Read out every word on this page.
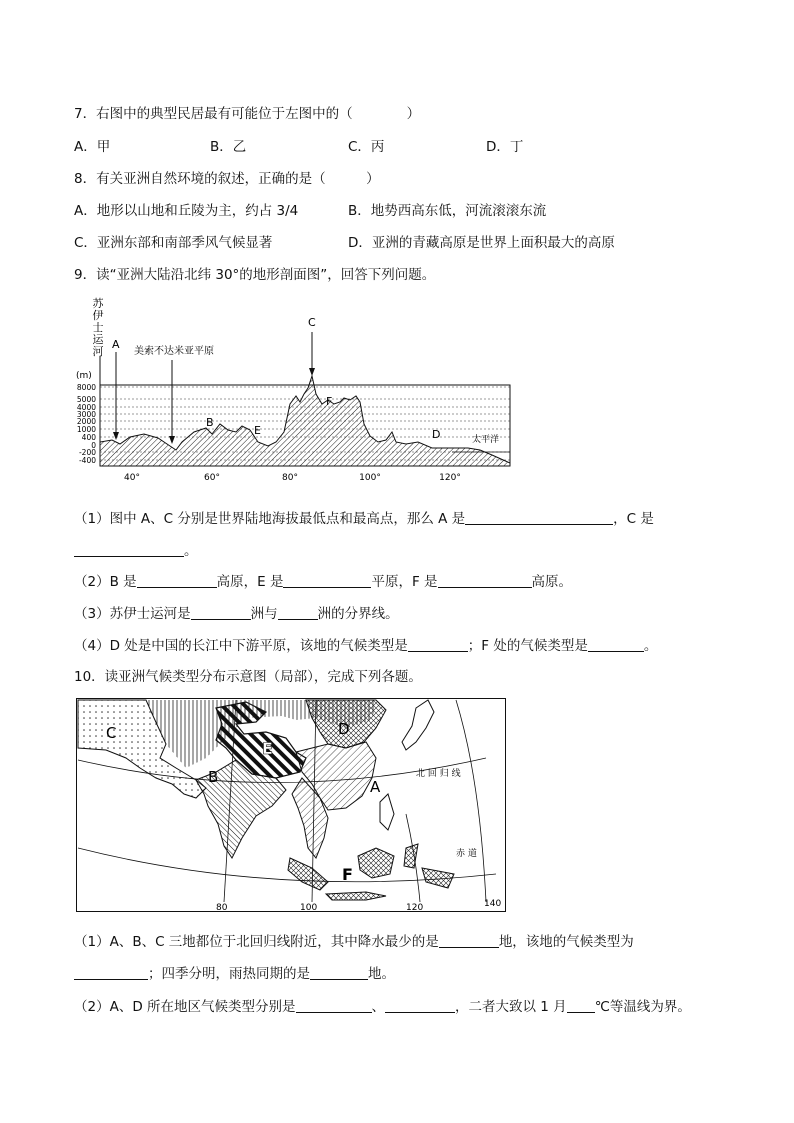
7．右图中的典型民居最有可能位于左图中的（　　　　）
A．甲	B．乙	C．丙	D．丁
8．有关亚洲自然环境的叙述，正确的是（　　　）
A．地形以山地和丘陵为主，约占 3/4	B．地势西高东低，河流滚滚东流
C．亚洲东部和南部季风气候显著	D．亚洲的青藏高原是世界上面积最大的高原
9．读“亚洲大陆沿北纬 30°的地形剖面图”，回答下列问题。
苏
伊
士
运
河
(m)
8000
5000
4000
3000
2000
1000
400
0
-200
-400
40°	60°	80°	100°	120°
A
美索不达米亚平原
B
E
C
F
D	太平洋
（1）图中 A、C 分别是世界陆地海拔最低点和最高点，那么 A 是	，C 是
。
（2）B 是	高原，E 是	平原，F 是	高原。
（3）苏伊士运河是	洲与	洲的分界线。
（4）D 处是中国的长江中下游平原，该地的气候类型是	；F 处的气候类型是	。
10．读亚洲气候类型分布示意图（局部），完成下列各题。
C
E
D
A
B
F
北 回 归 线
赤 道
80	100	120	140
（1）A、B、C 三地都位于北回归线附近，其中降水最少的是	地，该地的气候类型为
；四季分明，雨热同期的是	地。
（2）A、D 所在地区气候类型分别是	、	，二者大致以 1 月 ℃等温线为界。
